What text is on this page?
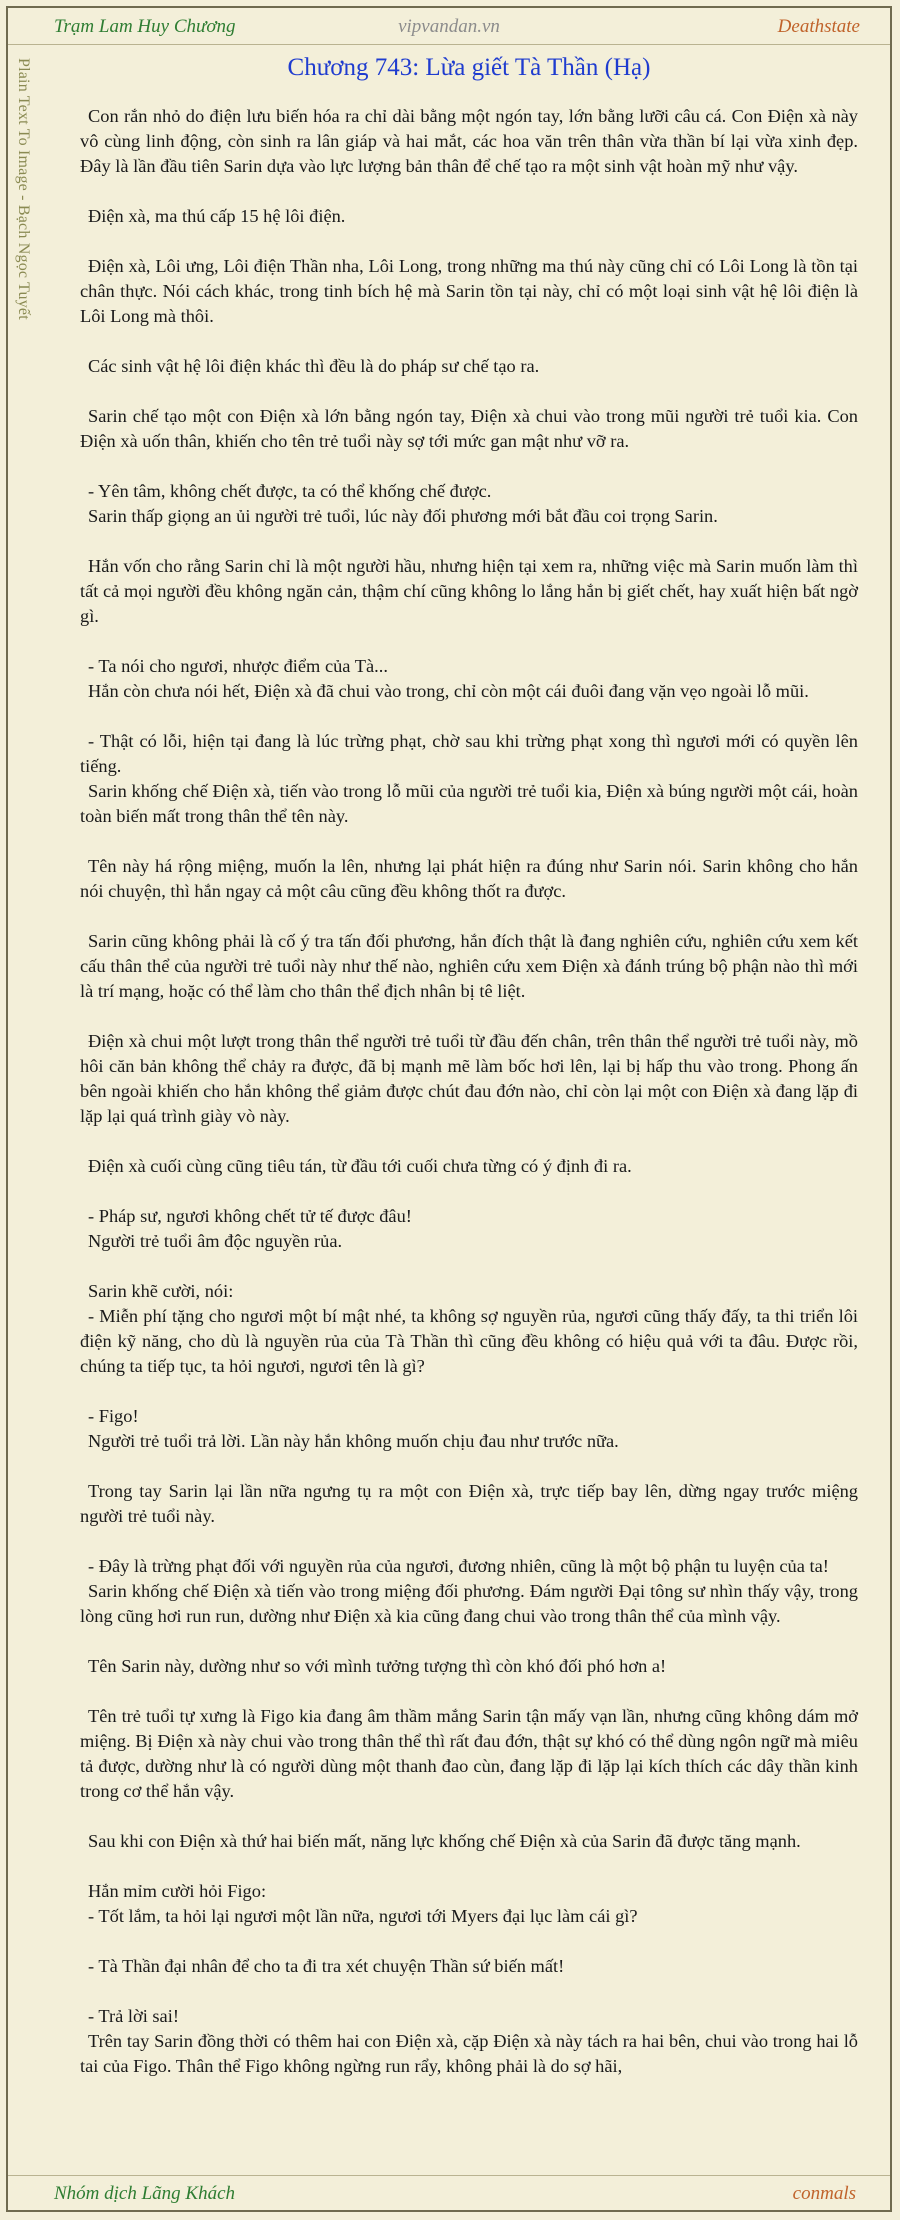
Trạm Lam Huy Chương	vipvandan.vn	Deathstate
Plain Text To Image - Bạch Ngọc Tuyết	Chương 743: Lừa giết Tà Thần (Hạ)

Con rắn nhỏ do điện lưu biến hóa ra chỉ dài bằng một ngón tay, lớn bằng lưỡi câu cá. Con Điện xà này vô cùng linh động, còn sinh ra lân giáp và hai mắt, các hoa văn trên thân vừa thần bí lại vừa xinh đẹp. Đây là lần đầu tiên Sarin dựa vào lực lượng bản thân để chế tạo ra một sinh vật hoàn mỹ như vậy.

Điện xà, ma thú cấp 15 hệ lôi điện.

Điện xà, Lôi ưng, Lôi điện Thần nha, Lôi Long, trong những ma thú này cũng chỉ có Lôi Long là tồn tại chân thực. Nói cách khác, trong tinh bích hệ mà Sarin tồn tại này, chỉ có một loại sinh vật hệ lôi điện là Lôi Long mà thôi.

Các sinh vật hệ lôi điện khác thì đều là do pháp sư chế tạo ra.

Sarin chế tạo một con Điện xà lớn bằng ngón tay, Điện xà chui vào trong mũi người trẻ tuổi kia. Con Điện xà uốn thân, khiến cho tên trẻ tuổi này sợ tới mức gan mật như vỡ ra.

- Yên tâm, không chết được, ta có thể khống chế được.
Sarin thấp giọng an ủi người trẻ tuổi, lúc này đối phương mới bắt đầu coi trọng Sarin.

Hắn vốn cho rằng Sarin chỉ là một người hầu, nhưng hiện tại xem ra, những việc mà Sarin muốn làm thì tất cả mọi người đều không ngăn cản, thậm chí cũng không lo lắng hắn bị giết chết, hay xuất hiện bất ngờ gì.

- Ta nói cho ngươi, nhược điểm của Tà...
Hắn còn chưa nói hết, Điện xà đã chui vào trong, chỉ còn một cái đuôi đang vặn vẹo ngoài lỗ mũi.

- Thật có lỗi, hiện tại đang là lúc trừng phạt, chờ sau khi trừng phạt xong thì ngươi mới có quyền lên tiếng.
Sarin khống chế Điện xà, tiến vào trong lỗ mũi của người trẻ tuổi kia, Điện xà búng người một cái, hoàn toàn biến mất trong thân thể tên này.

Tên này há rộng miệng, muốn la lên, nhưng lại phát hiện ra đúng như Sarin nói. Sarin không cho hắn nói chuyện, thì hắn ngay cả một câu cũng đều không thốt ra được.

Sarin cũng không phải là cố ý tra tấn đối phương, hắn đích thật là đang nghiên cứu, nghiên cứu xem kết cấu thân thể của người trẻ tuổi này như thế nào, nghiên cứu xem Điện xà đánh trúng bộ phận nào thì mới là trí mạng, hoặc có thể làm cho thân thể địch nhân bị tê liệt.

Điện xà chui một lượt trong thân thể người trẻ tuổi từ đầu đến chân, trên thân thể người trẻ tuổi này, mồ hôi căn bản không thể chảy ra được, đã bị mạnh mẽ làm bốc hơi lên, lại bị hấp thu vào trong. Phong ấn bên ngoài khiến cho hắn không thể giảm được chút đau đớn nào, chỉ còn lại một con Điện xà đang lặp đi lặp lại quá trình giày vò này.

Điện xà cuối cùng cũng tiêu tán, từ đầu tới cuối chưa từng có ý định đi ra.

- Pháp sư, ngươi không chết tử tế được đâu!
Người trẻ tuổi âm độc nguyền rủa.

Sarin khẽ cười, nói:
- Miễn phí tặng cho ngươi một bí mật nhé, ta không sợ nguyền rủa, ngươi cũng thấy đấy, ta thi triển lôi điện kỹ năng, cho dù là nguyền rủa của Tà Thần thì cũng đều không có hiệu quả với ta đâu. Được rồi, chúng ta tiếp tục, ta hỏi ngươi, ngươi tên là gì?

- Figo!
Người trẻ tuổi trả lời. Lần này hắn không muốn chịu đau như trước nữa.

Trong tay Sarin lại lần nữa ngưng tụ ra một con Điện xà, trực tiếp bay lên, dừng ngay trước miệng người trẻ tuổi này.

- Đây là trừng phạt đối với nguyền rủa của ngươi, đương nhiên, cũng là một bộ phận tu luyện của ta!
Sarin khống chế Điện xà tiến vào trong miệng đối phương. Đám người Đại tông sư nhìn thấy vậy, trong lòng cũng hơi run run, dường như Điện xà kia cũng đang chui vào trong thân thể của mình vậy.

Tên Sarin này, dường như so với mình tưởng tượng thì còn khó đối phó hơn a!

Tên trẻ tuổi tự xưng là Figo kia đang âm thầm mắng Sarin tận mấy vạn lần, nhưng cũng không dám mở miệng. Bị Điện xà này chui vào trong thân thể thì rất đau đớn, thật sự khó có thể dùng ngôn ngữ mà miêu tả được, dường như là có người dùng một thanh đao cùn, đang lặp đi lặp lại kích thích các dây thần kinh trong cơ thể hắn vậy.

Sau khi con Điện xà thứ hai biến mất, năng lực khống chế Điện xà của Sarin đã được tăng mạnh.

Hắn mỉm cười hỏi Figo:
- Tốt lắm, ta hỏi lại ngươi một lần nữa, ngươi tới Myers đại lục làm cái gì?

- Tà Thần đại nhân để cho ta đi tra xét chuyện Thần sứ biến mất!

- Trả lời sai!
Trên tay Sarin đồng thời có thêm hai con Điện xà, cặp Điện xà này tách ra hai bên, chui vào trong hai lỗ tai của Figo. Thân thể Figo không ngừng run rẩy, không phải là do sợ hãi,

Nhóm dịch Lãng Khách	conmals
